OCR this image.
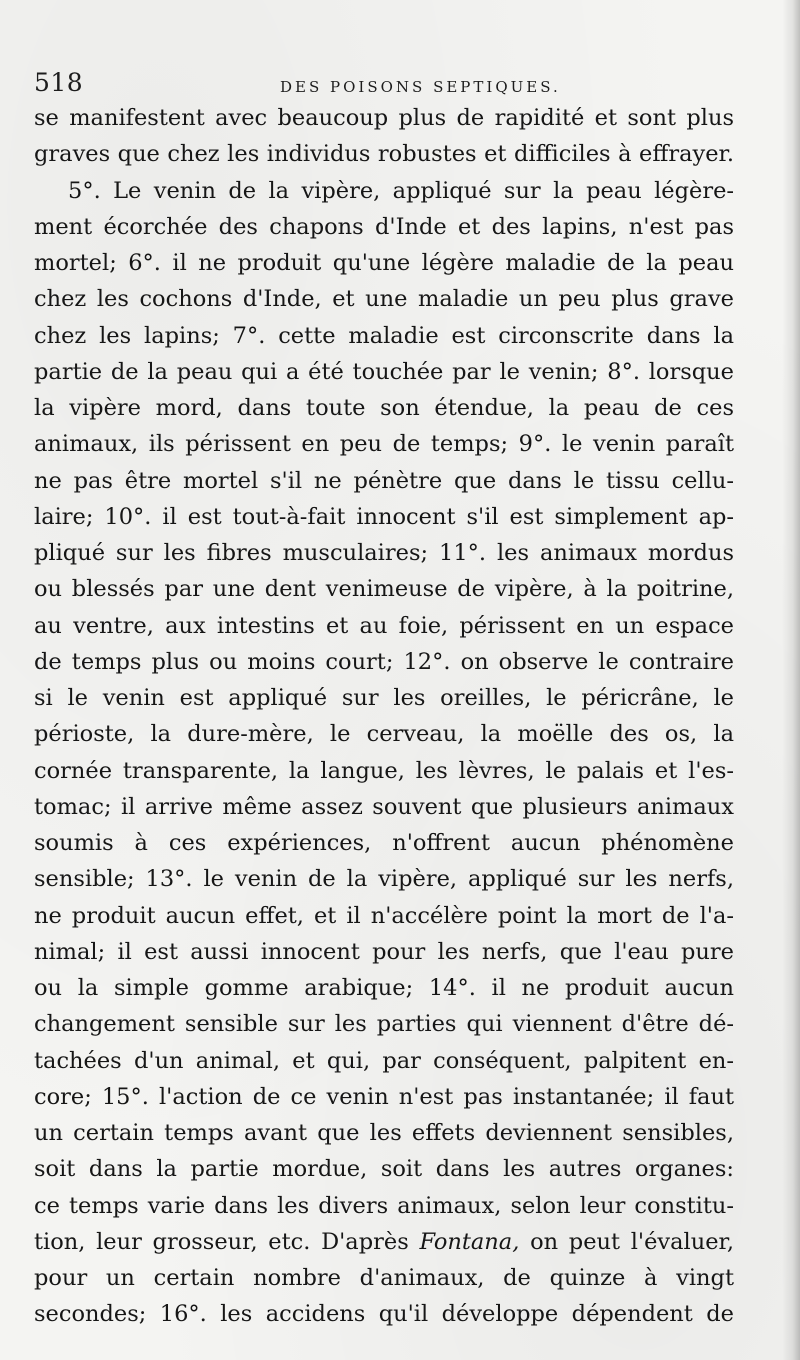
518	DES POISONS SEPTIQUES.
se manifestent avec beaucoup plus de rapidité et sont plus
graves que chez les individus robustes et difficiles à effrayer.
5°. Le venin de la vipère, appliqué sur la peau légère-
ment écorchée des chapons d'Inde et des lapins, n'est pas
mortel; 6°. il ne produit qu'une légère maladie de la peau
chez les cochons d'Inde, et une maladie un peu plus grave
chez les lapins; 7°. cette maladie est circonscrite dans la
partie de la peau qui a été touchée par le venin; 8°. lorsque
la vipère mord, dans toute son étendue, la peau de ces
animaux, ils périssent en peu de temps; 9°. le venin paraît
ne pas être mortel s'il ne pénètre que dans le tissu cellu-
laire; 10°. il est tout-à-fait innocent s'il est simplement ap-
pliqué sur les fibres musculaires; 11°. les animaux mordus
ou blessés par une dent venimeuse de vipère, à la poitrine,
au ventre, aux intestins et au foie, périssent en un espace
de temps plus ou moins court; 12°. on observe le contraire
si le venin est appliqué sur les oreilles, le péricrâne, le
périoste, la dure-mère, le cerveau, la moëlle des os, la
cornée transparente, la langue, les lèvres, le palais et l'es-
tomac; il arrive même assez souvent que plusieurs animaux
soumis à ces expériences, n'offrent aucun phénomène
sensible; 13°. le venin de la vipère, appliqué sur les nerfs,
ne produit aucun effet, et il n'accélère point la mort de l'a-
nimal; il est aussi innocent pour les nerfs, que l'eau pure
ou la simple gomme arabique; 14°. il ne produit aucun
changement sensible sur les parties qui viennent d'être dé-
tachées d'un animal, et qui, par conséquent, palpitent en-
core; 15°. l'action de ce venin n'est pas instantanée; il faut
un certain temps avant que les effets deviennent sensibles,
soit dans la partie mordue, soit dans les autres organes:
ce temps varie dans les divers animaux, selon leur constitu-
tion, leur grosseur, etc. D'après Fontana, on peut l'évaluer,
pour un certain nombre d'animaux, de quinze à vingt
secondes; 16°. les accidens qu'il développe dépendent de
